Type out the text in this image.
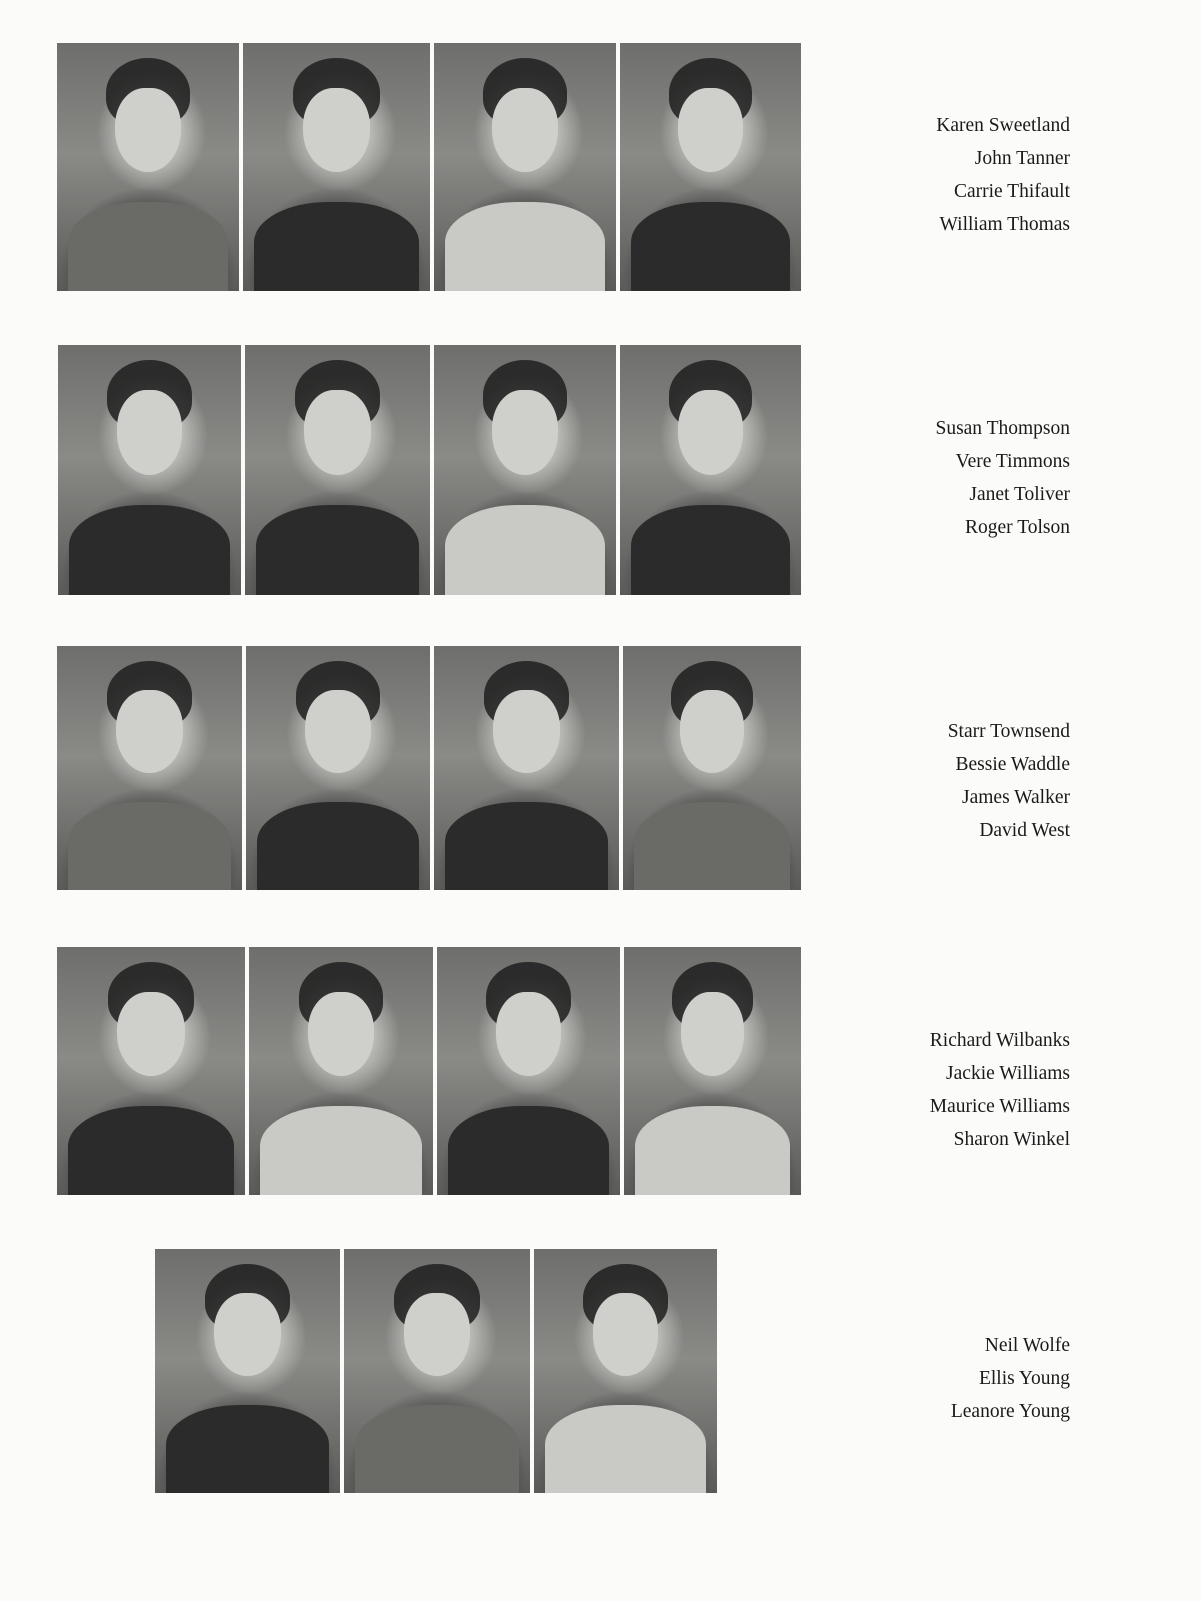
Karen Sweetland
John Tanner
Carrie Thifault
William Thomas
Susan Thompson
Vere Timmons
Janet Toliver
Roger Tolson
Starr Townsend
Bessie Waddle
James Walker
David West
Richard Wilbanks
Jackie Williams
Maurice Williams
Sharon Winkel
Neil Wolfe
Ellis Young
Leanore Young
